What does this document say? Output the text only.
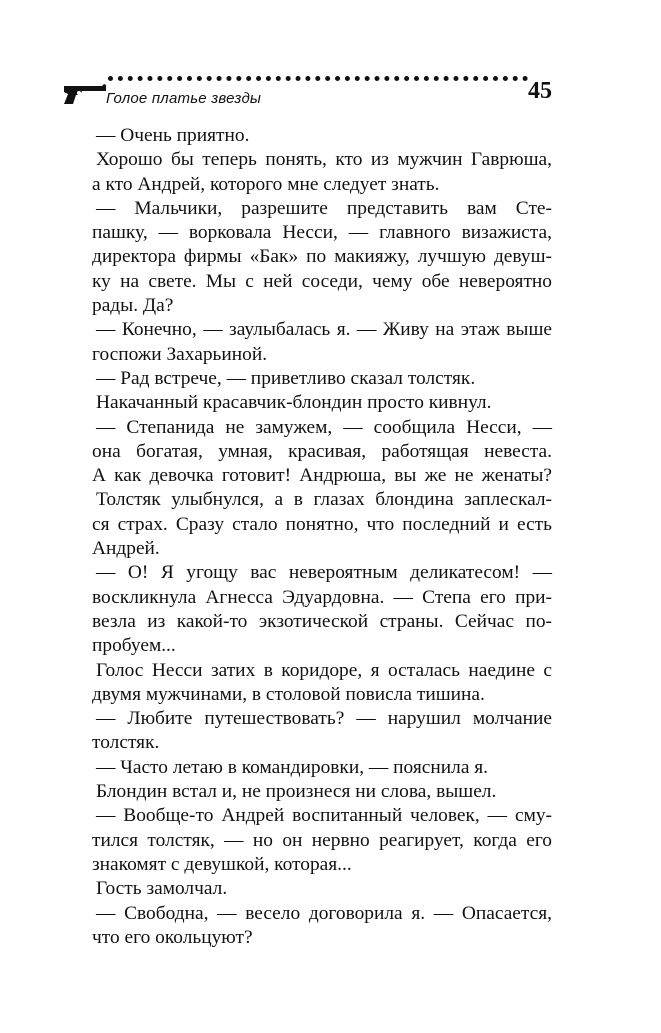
Голое платье звезды	45
— Очень приятно.
Хорошо бы теперь понять, кто из мужчин Гаврюша,
а кто Андрей, которого мне следует знать.
— Мальчики, разрешите представить вам Сте-
пашку, — ворковала Несси, — главного визажиста,
директора фирмы «Бак» по макияжу, лучшую девуш-
ку на свете. Мы с ней соседи, чему обе невероятно
рады. Да?
— Конечно, — заулыбалась я. — Живу на этаж выше
госпожи Захарьиной.
— Рад встрече, — приветливо сказал толстяк.
Накачанный красавчик-блондин просто кивнул.
— Степанида не замужем, — сообщила Несси, —
она богатая, умная, красивая, работящая невеста.
А как девочка готовит! Андрюша, вы же не женаты?
Толстяк улыбнулся, а в глазах блондина заплескал-
ся страх. Сразу стало понятно, что последний и есть
Андрей.
— О! Я угощу вас невероятным деликатесом! —
воскликнула Агнесса Эдуардовна. — Степа его при-
везла из какой-то экзотической страны. Сейчас по-
пробуем...
Голос Несси затих в коридоре, я осталась наедине с
двумя мужчинами, в столовой повисла тишина.
— Любите путешествовать? — нарушил молчание
толстяк.
— Часто летаю в командировки, — пояснила я.
Блондин встал и, не произнеся ни слова, вышел.
— Вообще-то Андрей воспитанный человек, — сму-
тился толстяк, — но он нервно реагирует, когда его
знакомят с девушкой, которая...
Гость замолчал.
— Свободна, — весело договорила я. — Опасается,
что его окольцуют?
